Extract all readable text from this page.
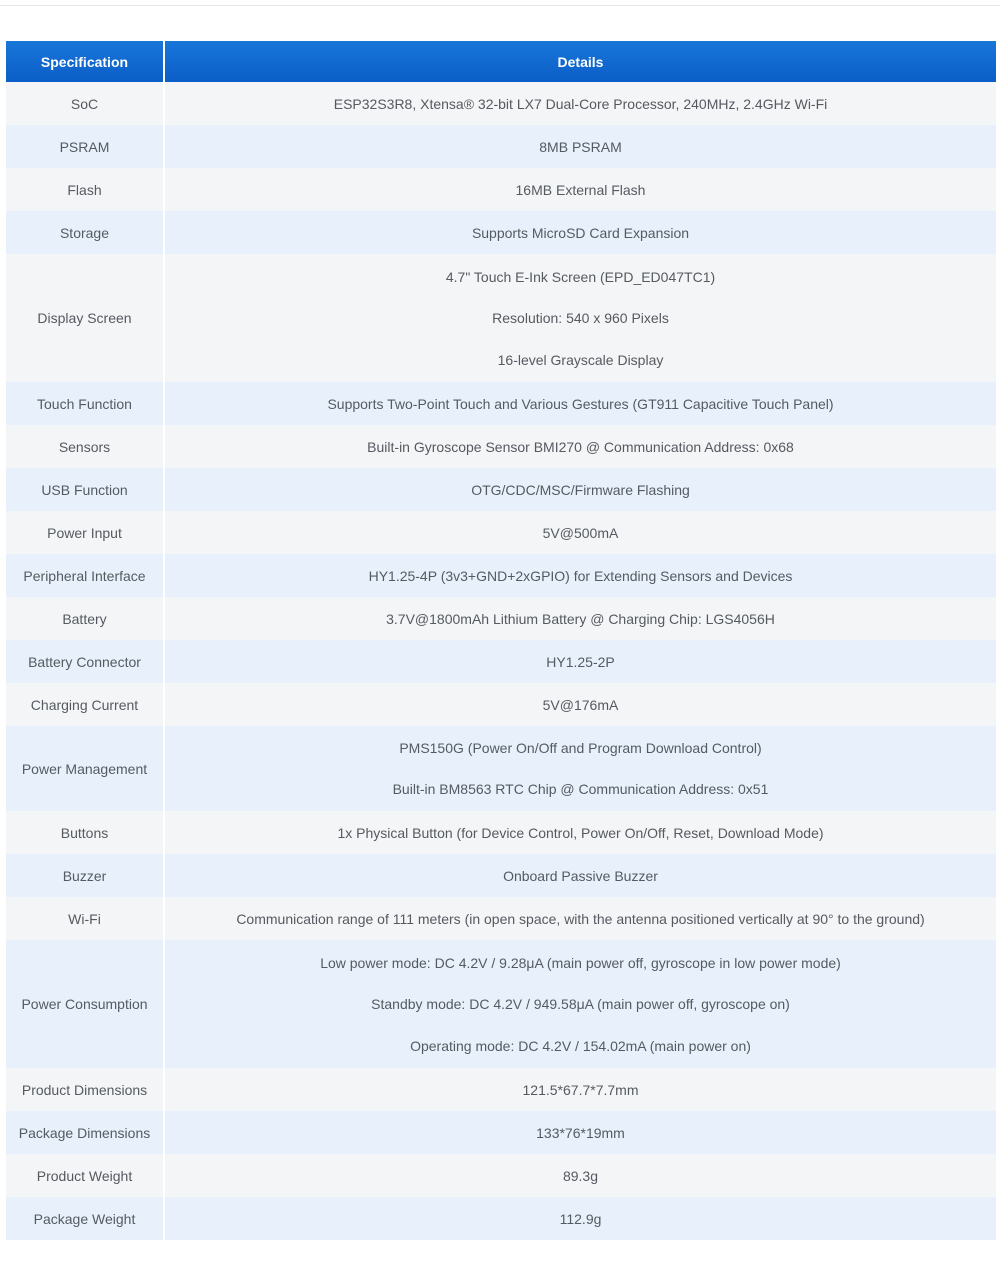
Specification	Details
SoC	ESP32S3R8, Xtensa® 32-bit LX7 Dual-Core Processor, 240MHz, 2.4GHz Wi-Fi

PSRAM	8MB PSRAM

Flash	16MB External Flash

Storage	Supports MicroSD Card Expansion

Display Screen	4.7" Touch E-Ink Screen (EPD_ED047TC1)
Resolution: 540 x 960 Pixels
16-level Grayscale Display

Touch Function	Supports Two-Point Touch and Various Gestures (GT911 Capacitive Touch Panel)

Sensors	Built-in Gyroscope Sensor BMI270 @ Communication Address: 0x68

USB Function	OTG/CDC/MSC/Firmware Flashing

Power Input	5V@500mA

Peripheral Interface	HY1.25-4P (3v3+GND+2xGPIO) for Extending Sensors and Devices

Battery	3.7V@1800mAh Lithium Battery @ Charging Chip: LGS4056H

Battery Connector	HY1.25-2P

Charging Current	5V@176mA

Power Management	PMS150G (Power On/Off and Program Download Control)
Built-in BM8563 RTC Chip @ Communication Address: 0x51

Buttons	1x Physical Button (for Device Control, Power On/Off, Reset, Download Mode)

Buzzer	Onboard Passive Buzzer

Wi-Fi	Communication range of 111 meters (in open space, with the antenna positioned vertically at 90° to the ground)

Power Consumption	Low power mode: DC 4.2V / 9.28μA (main power off, gyroscope in low power mode)
Standby mode: DC 4.2V / 949.58μA (main power off, gyroscope on)
Operating mode: DC 4.2V / 154.02mA (main power on)

Product Dimensions	121.5*67.7*7.7mm

Package Dimensions	133*76*19mm

Product Weight	89.3g

Package Weight	112.9g
